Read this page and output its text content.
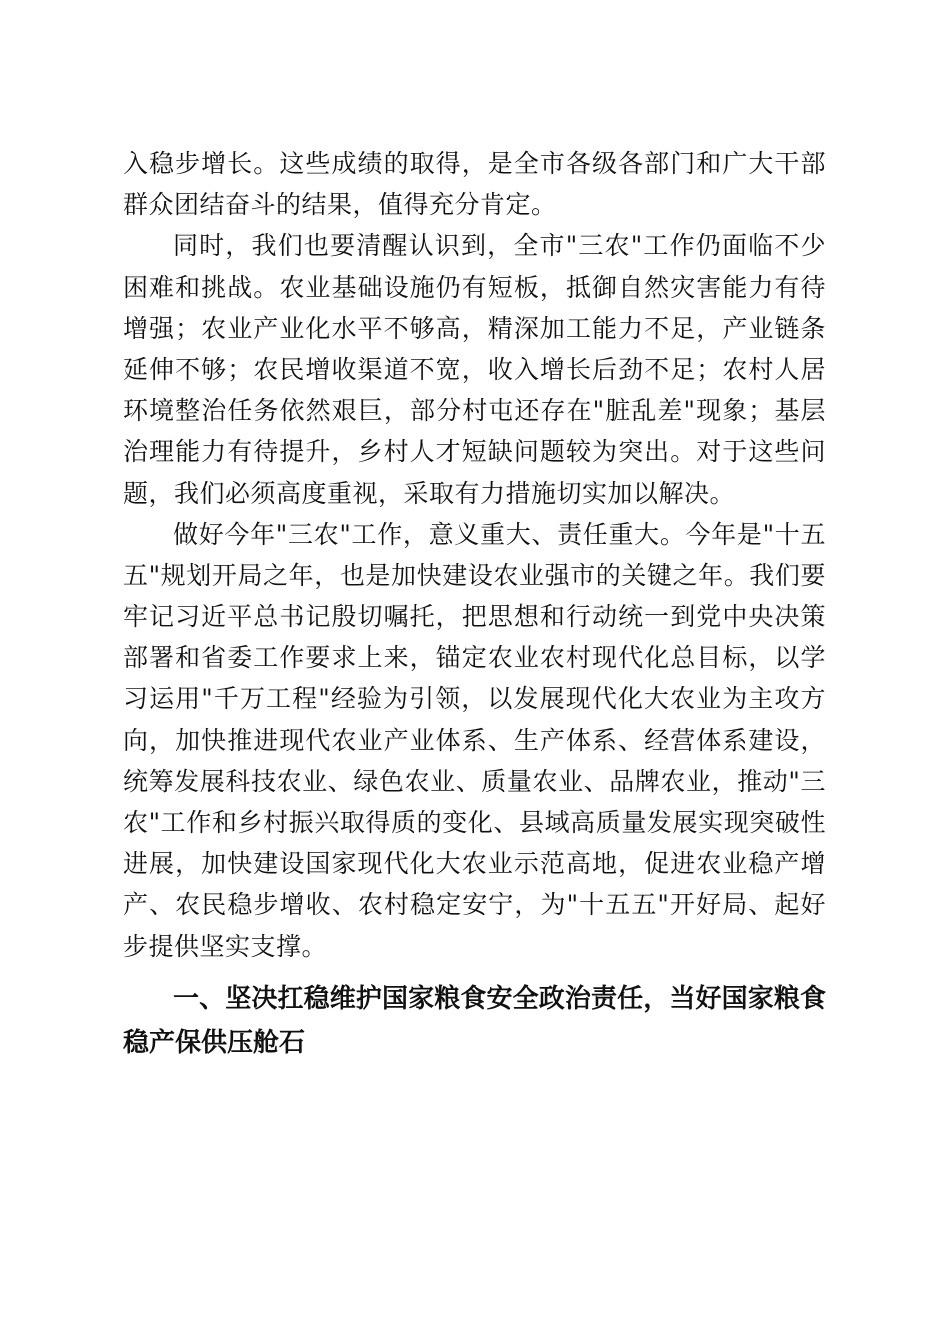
入稳步增长。这些成绩的取得，是全市各级各部门和广大干部
群众团结奋斗的结果，值得充分肯定。
同时，我们也要清醒认识到，全市"三农"工作仍面临不少
困难和挑战。农业基础设施仍有短板，抵御自然灾害能力有待
增强；农业产业化水平不够高，精深加工能力不足，产业链条
延伸不够；农民增收渠道不宽，收入增长后劲不足；农村人居
环境整治任务依然艰巨，部分村屯还存在"脏乱差"现象；基层
治理能力有待提升，乡村人才短缺问题较为突出。对于这些问
题，我们必须高度重视，采取有力措施切实加以解决。
做好今年"三农"工作，意义重大、责任重大。今年是"十五
五"规划开局之年，也是加快建设农业强市的关键之年。我们要
牢记习近平总书记殷切嘱托，把思想和行动统一到党中央决策
部署和省委工作要求上来，锚定农业农村现代化总目标，以学
习运用"千万工程"经验为引领，以发展现代化大农业为主攻方
向，加快推进现代农业产业体系、生产体系、经营体系建设，
统筹发展科技农业、绿色农业、质量农业、品牌农业，推动"三
农"工作和乡村振兴取得质的变化、县域高质量发展实现突破性
进展，加快建设国家现代化大农业示范高地，促进农业稳产增
产、农民稳步增收、农村稳定安宁，为"十五五"开好局、起好
步提供坚实支撑。
一、坚决扛稳维护国家粮食安全政治责任，当好国家粮食
稳产保供压舱石
